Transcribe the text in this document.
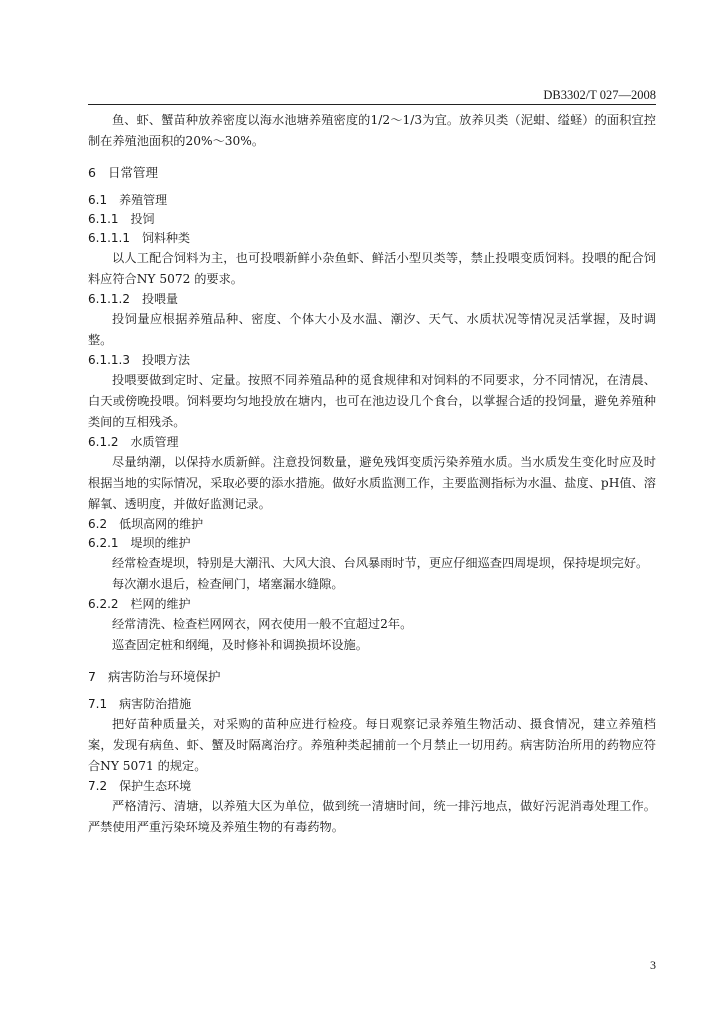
DB3302/T 027—2008

鱼、虾、蟹苗种放养密度以海水池塘养殖密度的1/2～1/3为宜。放养贝类（泥蚶、缢蛏）的面积宜控制在养殖池面积的20%～30%。

6 日常管理
6.1 养殖管理
6.1.1 投饲
6.1.1.1 饲料种类

以人工配合饲料为主，也可投喂新鲜小杂鱼虾、鲜活小型贝类等，禁止投喂变质饲料。投喂的配合饲料应符合NY 5072 的要求。

6.1.1.2 投喂量

投饲量应根据养殖品种、密度、个体大小及水温、潮汐、天气、水质状况等情况灵活掌握，及时调整。

6.1.1.3 投喂方法

投喂要做到定时、定量。按照不同养殖品种的觅食规律和对饲料的不同要求，分不同情况，在清晨、白天或傍晚投喂。饲料要均匀地投放在塘内，也可在池边设几个食台，以掌握合适的投饲量，避免养殖种类间的互相残杀。

6.1.2 水质管理

尽量纳潮，以保持水质新鲜。注意投饲数量，避免残饵变质污染养殖水质。当水质发生变化时应及时根据当地的实际情况，采取必要的添水措施。做好水质监测工作，主要监测指标为水温、盐度、pH值、溶解氧、透明度，并做好监测记录。

6.2 低坝高网的维护
6.2.1 堤坝的维护

经常检查堤坝，特别是大潮汛、大风大浪、台风暴雨时节，更应仔细巡查四周堤坝，保持堤坝完好。

每次潮水退后，检查闸门，堵塞漏水缝隙。

6.2.2 栏网的维护

经常清洗、检查栏网网衣，网衣使用一般不宜超过2年。

巡查固定桩和纲绳，及时修补和调换损坏设施。

7 病害防治与环境保护
7.1 病害防治措施

把好苗种质量关，对采购的苗种应进行检疫。每日观察记录养殖生物活动、摄食情况，建立养殖档案，发现有病鱼、虾、蟹及时隔离治疗。养殖种类起捕前一个月禁止一切用药。病害防治所用的药物应符合NY 5071 的规定。

7.2 保护生态环境

严格清污、清塘，以养殖大区为单位，做到统一清塘时间，统一排污地点，做好污泥消毒处理工作。严禁使用严重污染环境及养殖生物的有毒药物。

3
